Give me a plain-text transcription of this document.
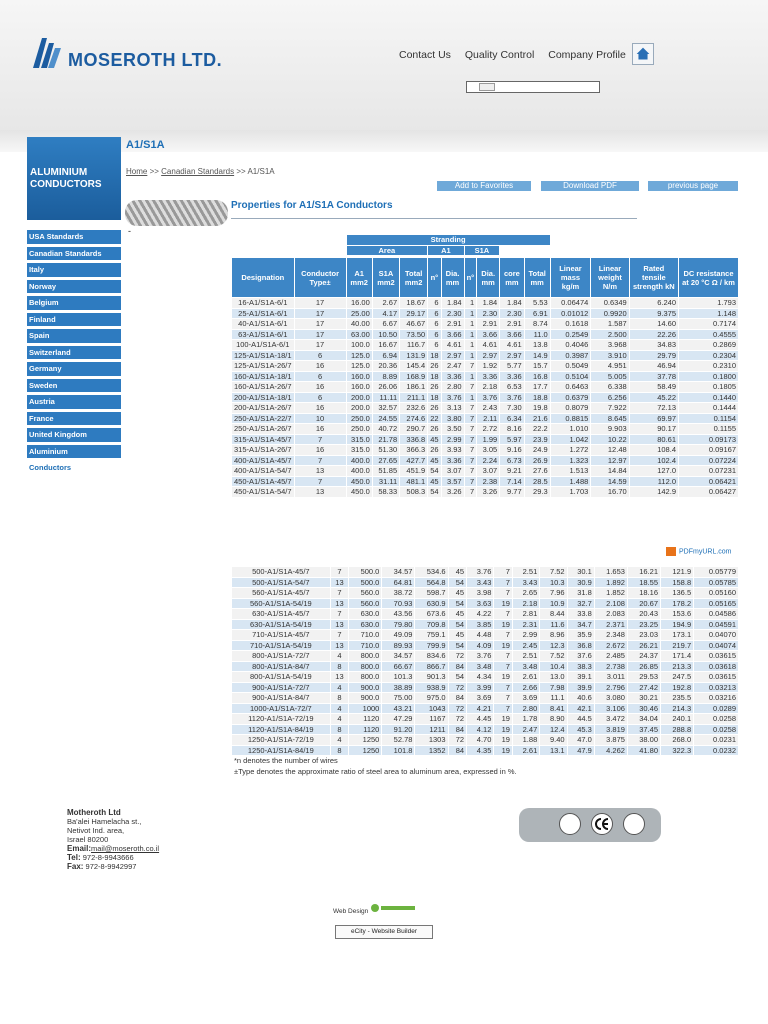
MOSEROTH LTD.	Contact Us Quality Control Company Profile
ALUMINIUM CONDUCTORS
A1/S1A
Home >> Canadian Standards >> A1/S1A
Add to Favorites	Download PDF	previous page
Properties for A1/S1A Conductors
-
USA Standards
Canadian Standards
Italy
Norway
Belgium
Finland
Spain
Switzerland
Germany
Sweden
Austria
France
United Kingdom
Aluminium
Conductors
		Stranding												
		Area			A1		S1A							

Designation	Conductor Type±	A1 mm2	S1A mm2	Total mm2	n°	Dia. mm	n°	Dia. mm	core mm	Total mm	Linear mass kg/m	Linear weight N/m	Rated tensile strength kN	DC resistance at 20 °C Ω / km
16-A1/S1A-6/1	17	16.00	2.67	18.67	6	1.84	1	1.84	1.84	5.53	0.06474	0.6349	6.240	1.793
25-A1/S1A-6/1	17	25.00	4.17	29.17	6	2.30	1	2.30	2.30	6.91	0.01012	0.9920	9.375	1.148
40-A1/S1A-6/1	17	40.00	6.67	46.67	6	2.91	1	2.91	2.91	8.74	0.1618	1.587	14.60	0.7174
63-A1/S1A-6/1	17	63.00	10.50	73.50	6	3.66	1	3.66	3.66	11.0	0.2549	2.500	22.26	0.4555
100-A1/S1A-6/1	17	100.0	16.67	116.7	6	4.61	1	4.61	4.61	13.8	0.4046	3.968	34.83	0.2869
125-A1/S1A-18/1	6	125.0	6.94	131.9	18	2.97	1	2.97	2.97	14.9	0.3987	3.910	29.79	0.2304
125-A1/S1A-26/7	16	125.0	20.36	145.4	26	2.47	7	1.92	5.77	15.7	0.5049	4.951	46.94	0.2310
160-A1/S1A-18/1	6	160.0	8.89	168.9	18	3.36	1	3.36	3.36	16.8	0.5104	5.005	37.78	0.1800
160-A1/S1A-26/7	16	160.0	26.06	186.1	26	2.80	7	2.18	6.53	17.7	0.6463	6.338	58.49	0.1805
200-A1/S1A-18/1	6	200.0	11.11	211.1	18	3.76	1	3.76	3.76	18.8	0.6379	6.256	45.22	0.1440
200-A1/S1A-26/7	16	200.0	32.57	232.6	26	3.13	7	2.43	7.30	19.8	0.8079	7.922	72.13	0.1444
250-A1/S1A-22/7	10	250.0	24.55	274.6	22	3.80	7	2.11	6.34	21.6	0.8815	8.645	69.97	0.1154
250-A1/S1A-26/7	16	250.0	40.72	290.7	26	3.50	7	2.72	8.16	22.2	1.010	9.903	90.17	0.1155
315-A1/S1A-45/7	7	315.0	21.78	336.8	45	2.99	7	1.99	5.97	23.9	1.042	10.22	80.61	0.09173
315-A1/S1A-26/7	16	315.0	51.30	366.3	26	3.93	7	3.05	9.16	24.9	1.272	12.48	108.4	0.09167
400-A1/S1A-45/7	7	400.0	27.65	427.7	45	3.36	7	2.24	6.73	26.9	1.323	12.97	102.4	0.07224
400-A1/S1A-54/7	13	400.0	51.85	451.9	54	3.07	7	3.07	9.21	27.6	1.513	14.84	127.0	0.07231
450-A1/S1A-45/7	7	450.0	31.11	481.1	45	3.57	7	2.38	7.14	28.5	1.488	14.59	112.0	0.06421
450-A1/S1A-54/7	13	450.0	58.33	508.3	54	3.26	7	3.26	9.77	29.3	1.703	16.70	142.9	0.06427
PDFmyURL.com
500-A1/S1A-45/7	7	500.0	34.57	534.6	45	3.76	7	2.51	7.52	30.1	1.653	16.21	121.9	0.05779
500-A1/S1A-54/7	13	500.0	64.81	564.8	54	3.43	7	3.43	10.3	30.9	1.892	18.55	158.8	0.05785
560-A1/S1A-45/7	7	560.0	38.72	598.7	45	3.98	7	2.65	7.96	31.8	1.852	18.16	136.5	0.05160
560-A1/S1A-54/19	13	560.0	70.93	630.9	54	3.63	19	2.18	10.9	32.7	2.108	20.67	178.2	0.05165
630-A1/S1A-45/7	7	630.0	43.56	673.6	45	4.22	7	2.81	8.44	33.8	2.083	20.43	153.6	0.04586
630-A1/S1A-54/19	13	630.0	79.80	709.8	54	3.85	19	2.31	11.6	34.7	2.371	23.25	194.9	0.04591
710-A1/S1A-45/7	7	710.0	49.09	759.1	45	4.48	7	2.99	8.96	35.9	2.348	23.03	173.1	0.04070
710-A1/S1A-54/19	13	710.0	89.93	799.9	54	4.09	19	2.45	12.3	36.8	2.672	26.21	219.7	0.04074
800-A1/S1A-72/7	4	800.0	34.57	834.6	72	3.76	7	2.51	7.52	37.6	2.485	24.37	171.4	0.03615
800-A1/S1A-84/7	8	800.0	66.67	866.7	84	3.48	7	3.48	10.4	38.3	2.738	26.85	213.3	0.03618
800-A1/S1A-54/19	13	800.0	101.3	901.3	54	4.34	19	2.61	13.0	39.1	3.011	29.53	247.5	0.03615
900-A1/S1A-72/7	4	900.0	38.89	938.9	72	3.99	7	2.66	7.98	39.9	2.796	27.42	192.8	0.03213
900-A1/S1A-84/7	8	900.0	75.00	975.0	84	3.69	7	3.69	11.1	40.6	3.080	30.21	235.5	0.03216
1000-A1/S1A-72/7	4	1000	43.21	1043	72	4.21	7	2.80	8.41	42.1	3.106	30.46	214.3	0.0289
1120-A1/S1A-72/19	4	1120	47.29	1167	72	4.45	19	1.78	8.90	44.5	3.472	34.04	240.1	0.0258
1120-A1/S1A-84/19	8	1120	91.20	1211	84	4.12	19	2.47	12.4	45.3	3.819	37.45	288.8	0.0258
1250-A1/S1A-72/19	4	1250	52.78	1303	72	4.70	19	1.88	9.40	47.0	3.875	38.00	268.0	0.0231
1250-A1/S1A-84/19	8	1250	101.8	1352	84	4.35	19	2.61	13.1	47.9	4.262	41.80	322.3	0.0232
*n denotes the number of wires														
±Type denotes the approximate ratio of steel area to aluminum area, expressed in %.														
Motheroth Ltd
Ba'alei Hamelacha st.,
Netivot Ind. area,
Israel 80200
Email:mail@moseroth.co.il
Tel: 972-8-9943666
Fax: 972-8-9942997
Web Design
eCity - Website Builder
